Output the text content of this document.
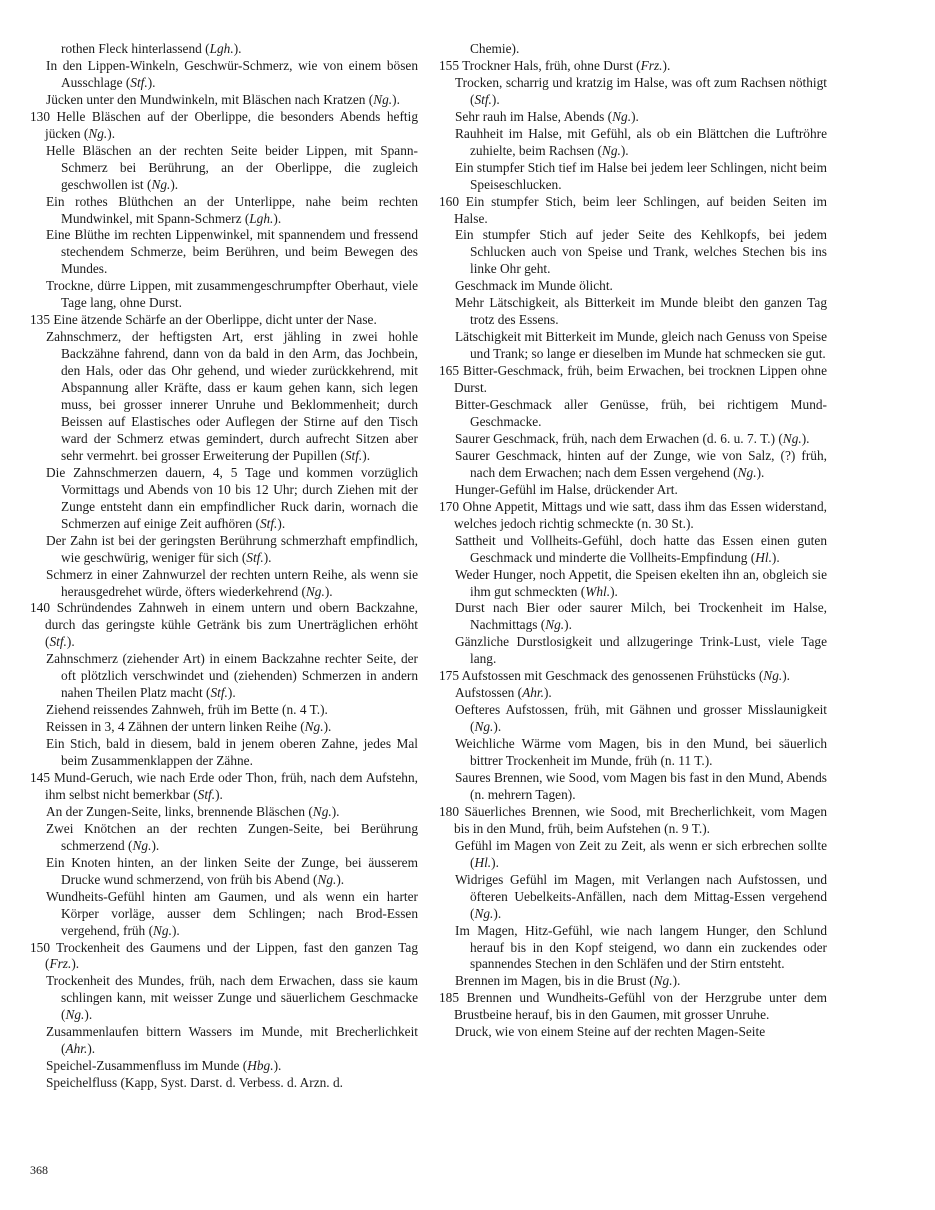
rothen Fleck hinterlassend (Lgh.).

In den Lippen-Winkeln, Geschwür-Schmerz, wie von einem bösen Ausschlage (Stf.).

Jücken unter den Mundwinkeln, mit Bläschen nach Kratzen (Ng.).

130 Helle Bläschen auf der Oberlippe, die besonders Abends heftig jücken (Ng.).

Helle Bläschen an der rechten Seite beider Lippen, mit Spann-Schmerz bei Berührung, an der Oberlippe, die zugleich geschwollen ist (Ng.).

Ein rothes Blüthchen an der Unterlippe, nahe beim rechten Mundwinkel, mit Spann-Schmerz (Lgh.).

Eine Blüthe im rechten Lippenwinkel, mit spannendem und fressend stechendem Schmerze, beim Berühren, und beim Bewegen des Mundes.

Trockne, dürre Lippen, mit zusammengeschrumpfter Oberhaut, viele Tage lang, ohne Durst.

135 Eine ätzende Schärfe an der Oberlippe, dicht unter der Nase.

Zahnschmerz, der heftigsten Art, erst jähling in zwei hohle Backzähne fahrend, dann von da bald in den Arm, das Jochbein, den Hals, oder das Ohr gehend, und wieder zurückkehrend, mit Abspannung aller Kräfte, dass er kaum gehen kann, sich legen muss, bei grosser innerer Unruhe und Beklommenheit; durch Beissen auf Elastisches oder Auflegen der Stirne auf den Tisch ward der Schmerz etwas gemindert, durch aufrecht Sitzen aber sehr vermehrt. bei grosser Erweiterung der Pupillen (Stf.).

Die Zahnschmerzen dauern, 4, 5 Tage und kommen vorzüglich Vormittags und Abends von 10 bis 12 Uhr; durch Ziehen mit der Zunge entsteht dann ein empfindlicher Ruck darin, wornach die Schmerzen auf einige Zeit aufhören (Stf.).

Der Zahn ist bei der geringsten Berührung schmerzhaft empfindlich, wie geschwürig, weniger für sich (Stf.).

Schmerz in einer Zahnwurzel der rechten untern Reihe, als wenn sie herausgedrehet würde, öfters wiederkehrend (Ng.).

140 Schründendes Zahnweh in einem untern und obern Backzahne, durch das geringste kühle Getränk bis zum Unerträglichen erhöht (Stf.).

Zahnschmerz (ziehender Art) in einem Backzahne rechter Seite, der oft plötzlich verschwindet und (ziehenden) Schmerzen in andern nahen Theilen Platz macht (Stf.).

Ziehend reissendes Zahnweh, früh im Bette (n. 4 T.).

Reissen in 3, 4 Zähnen der untern linken Reihe (Ng.).

Ein Stich, bald in diesem, bald in jenem oberen Zahne, jedes Mal beim Zusammenklappen der Zähne.

145 Mund-Geruch, wie nach Erde oder Thon, früh, nach dem Aufstehn, ihm selbst nicht bemerkbar (Stf.).

An der Zungen-Seite, links, brennende Bläschen (Ng.).

Zwei Knötchen an der rechten Zungen-Seite, bei Berührung schmerzend (Ng.).

Ein Knoten hinten, an der linken Seite der Zunge, bei äusserem Drucke wund schmerzend, von früh bis Abend (Ng.).

Wundheits-Gefühl hinten am Gaumen, und als wenn ein harter Körper vorläge, ausser dem Schlingen; nach Brod-Essen vergehend, früh (Ng.).

150 Trockenheit des Gaumens und der Lippen, fast den ganzen Tag (Frz.).

Trockenheit des Mundes, früh, nach dem Erwachen, dass sie kaum schlingen kann, mit weisser Zunge und säuerlichem Geschmacke (Ng.).

Zusammenlaufen bittern Wassers im Munde, mit Brecherlichkeit (Ahr.).

Speichel-Zusammenfluss im Munde (Hbg.).

Speichelfluss (Kapp, Syst. Darst. d. Verbess. d. Arzn. d.

Chemie).

155 Trockner Hals, früh, ohne Durst (Frz.).

Trocken, scharrig und kratzig im Halse, was oft zum Rachsen nöthigt (Stf.).

Sehr rauh im Halse, Abends (Ng.).

Rauhheit im Halse, mit Gefühl, als ob ein Blättchen die Luftröhre zuhielte, beim Rachsen (Ng.).

Ein stumpfer Stich tief im Halse bei jedem leer Schlingen, nicht beim Speiseschlucken.

160 Ein stumpfer Stich, beim leer Schlingen, auf beiden Seiten im Halse.

Ein stumpfer Stich auf jeder Seite des Kehlkopfs, bei jedem Schlucken auch von Speise und Trank, welches Stechen bis ins linke Ohr geht.

Geschmack im Munde ölicht.

Mehr Lätschigkeit, als Bitterkeit im Munde bleibt den ganzen Tag trotz des Essens.

Lätschigkeit mit Bitterkeit im Munde, gleich nach Genuss von Speise und Trank; so lange er dieselben im Munde hat schmecken sie gut.

165 Bitter-Geschmack, früh, beim Erwachen, bei trocknen Lippen ohne Durst.

Bitter-Geschmack aller Genüsse, früh, bei richtigem Mund-Geschmacke.

Saurer Geschmack, früh, nach dem Erwachen (d. 6. u. 7. T.) (Ng.).

Saurer Geschmack, hinten auf der Zunge, wie von Salz, (?) früh, nach dem Erwachen; nach dem Essen vergehend (Ng.).

Hunger-Gefühl im Halse, drückender Art.

170 Ohne Appetit, Mittags und wie satt, dass ihm das Essen widerstand, welches jedoch richtig schmeckte (n. 30 St.).

Sattheit und Vollheits-Gefühl, doch hatte das Essen einen guten Geschmack und minderte die Vollheits-Empfindung (Hl.).

Weder Hunger, noch Appetit, die Speisen ekelten ihn an, obgleich sie ihm gut schmeckten (Whl.).

Durst nach Bier oder saurer Milch, bei Trockenheit im Halse, Nachmittags (Ng.).

Gänzliche Durstlosigkeit und allzugeringe Trink-Lust, viele Tage lang.

175 Aufstossen mit Geschmack des genossenen Frühstücks (Ng.).

Aufstossen (Ahr.).

Oefteres Aufstossen, früh, mit Gähnen und grosser Misslaunigkeit (Ng.).

Weichliche Wärme vom Magen, bis in den Mund, bei säuerlich bittrer Trockenheit im Munde, früh (n. 11 T.).

Saures Brennen, wie Sood, vom Magen bis fast in den Mund, Abends (n. mehrern Tagen).

180 Säuerliches Brennen, wie Sood, mit Brecherlichkeit, vom Magen bis in den Mund, früh, beim Aufstehen (n. 9 T.).

Gefühl im Magen von Zeit zu Zeit, als wenn er sich erbrechen sollte (Hl.).

Widriges Gefühl im Magen, mit Verlangen nach Aufstossen, und öfteren Uebelkeits-Anfällen, nach dem Mittag-Essen vergehend (Ng.).

Im Magen, Hitz-Gefühl, wie nach langem Hunger, den Schlund herauf bis in den Kopf steigend, wo dann ein zuckendes oder spannendes Stechen in den Schläfen und der Stirn entsteht.

Brennen im Magen, bis in die Brust (Ng.).

185 Brennen und Wundheits-Gefühl von der Herzgrube unter dem Brustbeine herauf, bis in den Gaumen, mit grosser Unruhe.

Druck, wie von einem Steine auf der rechten Magen-Seite

368
